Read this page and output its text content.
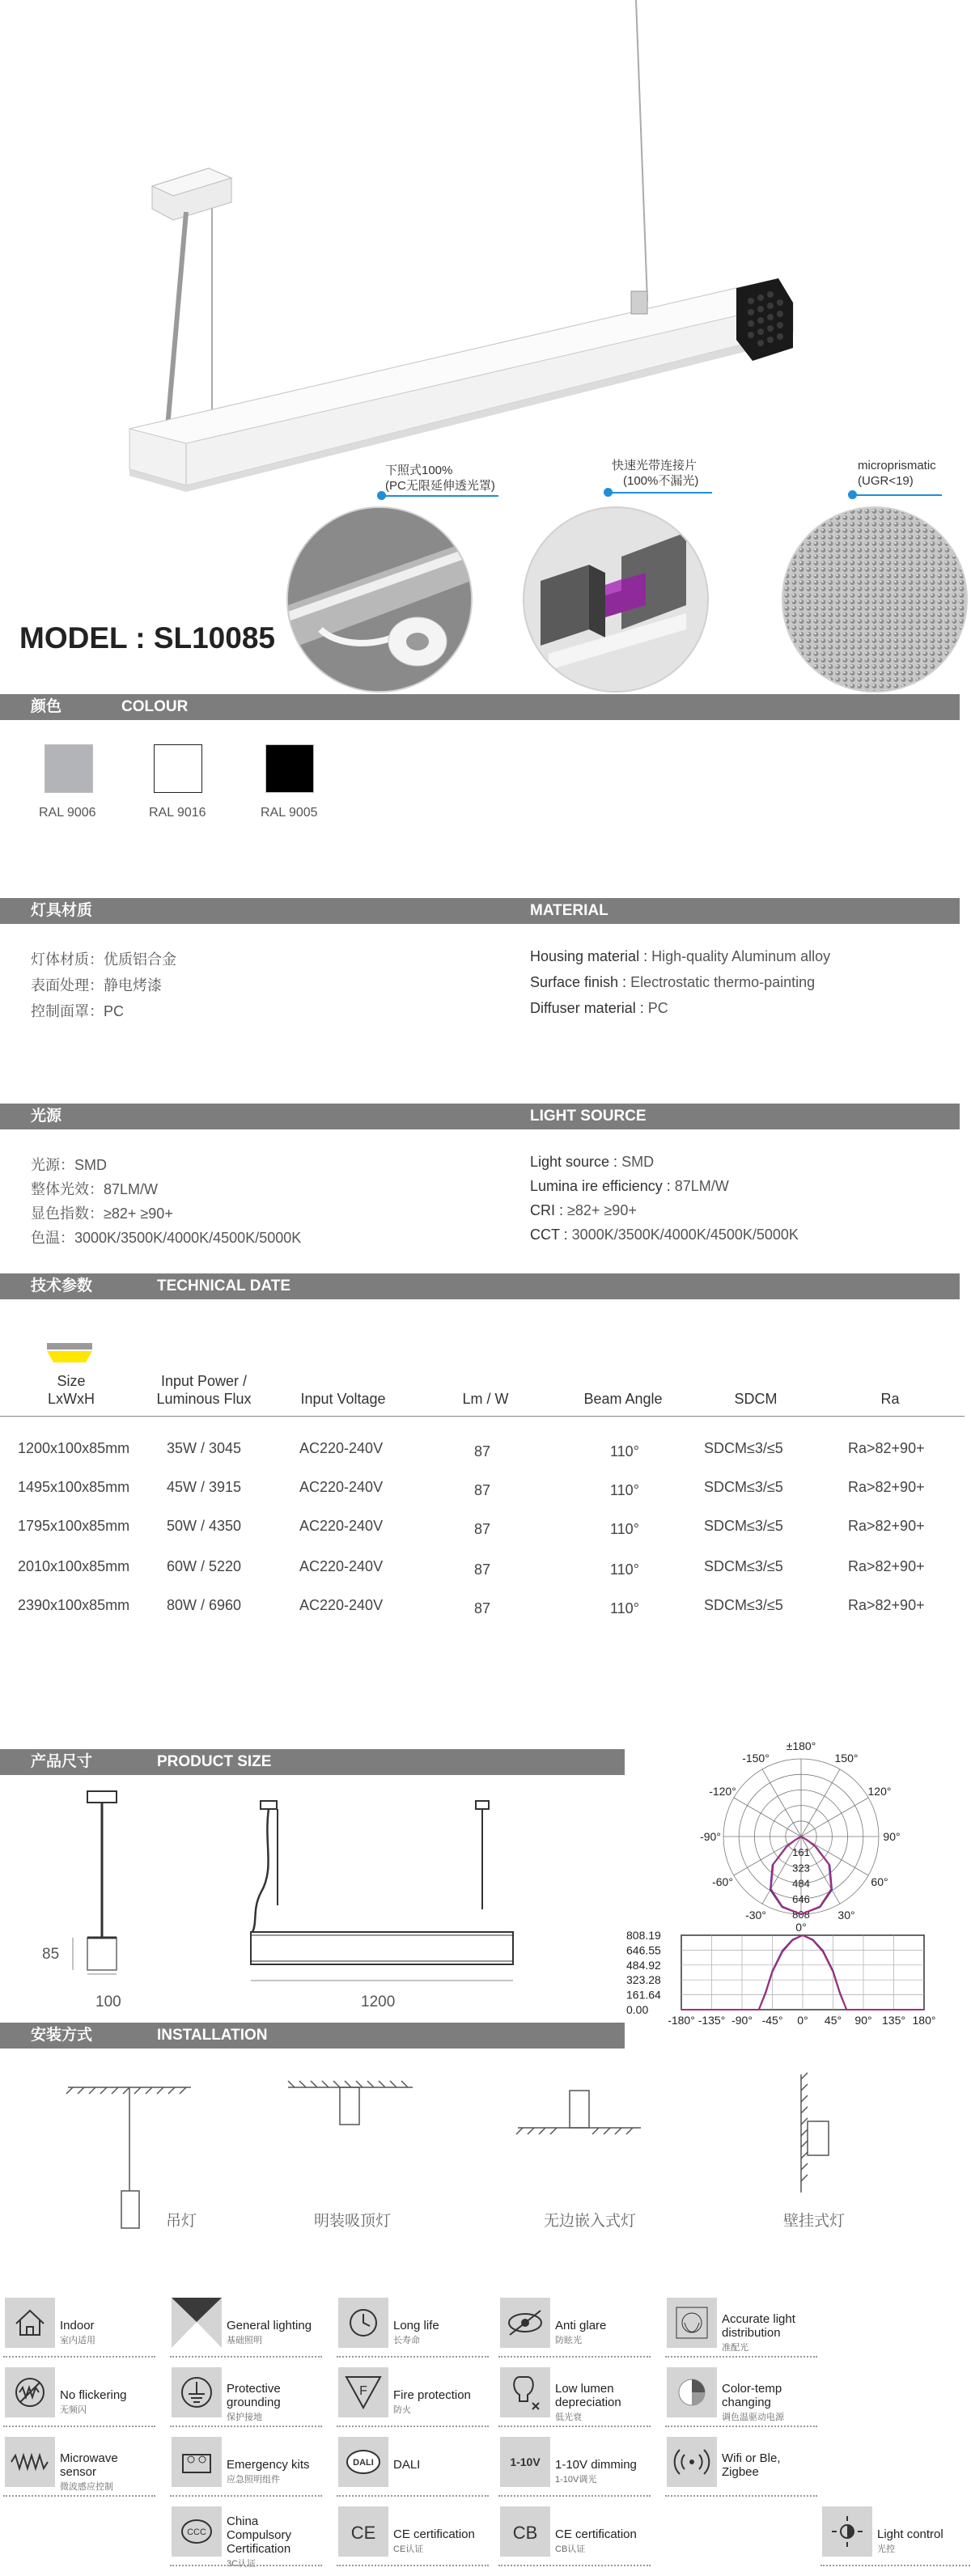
下照式100%
(PC无限延伸透光罩)
快速光带连接片
(100%不漏光)
microprismatic
(UGR<19)
MODEL : SL10085
颜色	COLOUR
RAL 9006	RAL 9016	RAL 9005
灯具材质	MATERIAL
灯体材质：优质铝合金
表面处理：静电烤漆
控制面罩：PC
Housing material : High-quality Aluminum alloy
Surface finish : Electrostatic thermo-painting
Diffuser material : PC
光源	LIGHT SOURCE
光源：SMD
整体光效：87LM/W
显色指数：≥82+ ≥90+
色温：3000K/3500K/4000K/4500K/5000K
Light source : SMD
Lumina ire efficiency : 87LM/W
CRI : ≥82+ ≥90+
CCT : 3000K/3500K/4000K/4500K/5000K
技术参数	TECHNICAL DATE
Size
LxWxH
Input Power /
Luminous Flux	Input Voltage	Lm / W	Beam Angle	SDCM	Ra
1200x100x85mm	35W / 3045	AC220-240V	87	110°	SDCM≤3/≤5	Ra>82+90+
1495x100x85mm	45W / 3915	AC220-240V	87	110°	SDCM≤3/≤5	Ra>82+90+
1795x100x85mm	50W / 4350	AC220-240V	87	110°	SDCM≤3/≤5	Ra>82+90+
2010x100x85mm	60W / 5220	AC220-240V	87	110°	SDCM≤3/≤5	Ra>82+90+
2390x100x85mm	80W / 6960	AC220-240V	87	110°	SDCM≤3/≤5	Ra>82+90+
产品尺寸	PRODUCT SIZE
85
100	1200
±180°
150°
120°
90°
60°
30°
0°
-30°
-60°
-90°
-120°
-150°
161
323
484
646
808
808.19
646.55
484.92
323.28
161.64
0.00
-180° -135° -90° -45° 0° 45° 90° 135° 180°
安装方式	INSTALLATION
吊灯	明装吸顶灯	无边嵌入式灯	壁挂式灯
Indoor
室内适用
General lighting
基础照明
Long life
长寿命
Anti glare
防眩光
Accurate light
distribution
准配光
No flickering
无频闪
Protective
grounding
保护接地
F Fire protection
防火
Low lumen
depreciation
低光衰
Color-temp
changing
调色温驱动电源
Microwave
sensor
微波感应控制
Emergency kits
应急照明组件
DALI DALI	1-10V 1-10V dimming
1-10V调光
Wifi or Ble,
Zigbee
Light control
光控
CCC
China
Compulsory
Certification
3C认证
CE CE certification
CE认证
CB CE certification
CB认证
